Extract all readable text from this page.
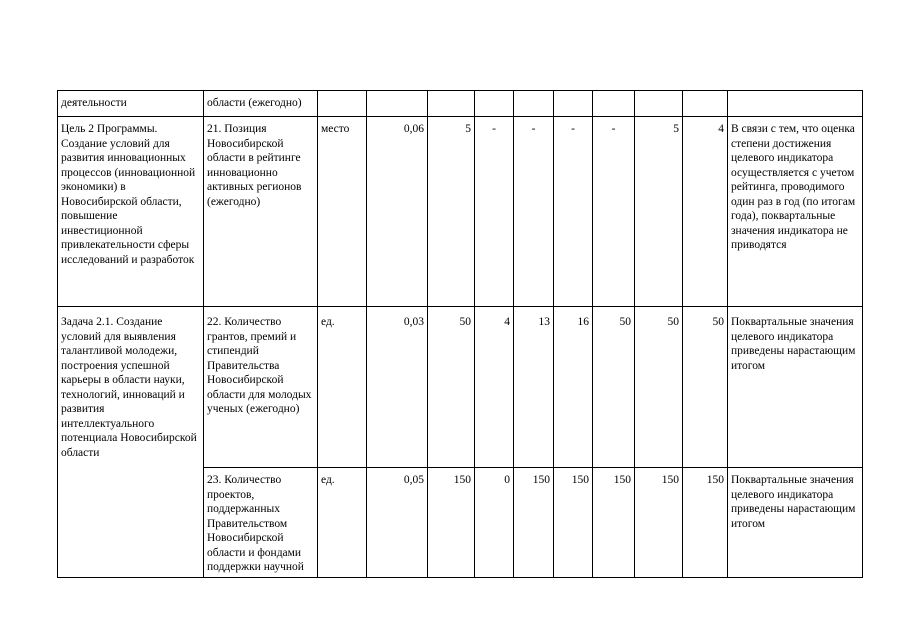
деятельности	области (ежегодно)										
Цель 2 Программы. Создание условий для развития инновационных процессов (инновационной экономики) в Новосибирской области, повышение инвестиционной привлекательности сферы исследований и разработок	21. Позиция Новосибирской области в рейтинге инновационно активных регионов (ежегодно)	место	0,06	5	-	-	-	-	5	4	В связи с тем, что оценка степени достижения целевого индикатора осуществляется с учетом рейтинга, проводимого один раз в год (по итогам года), поквартальные значения индикатора не приводятся
Задача 2.1. Создание условий для выявления талантливой молодежи, построения успешной карьеры в области науки, технологий, инноваций и развития интеллектуального потенциала Новосибирской области	22. Количество грантов, премий и стипендий Правительства Новосибирской области для молодых ученых (ежегодно)	ед.	0,03	50	4	13	16	50	50	50	Поквартальные значения целевого индикатора приведены нарастающим итогом
	23. Количество проектов, поддержанных Правительством Новосибирской области и фондами поддержки научной	ед.	0,05	150	0	150	150	150	150	150	Поквартальные значения целевого индикатора приведены нарастающим итогом
